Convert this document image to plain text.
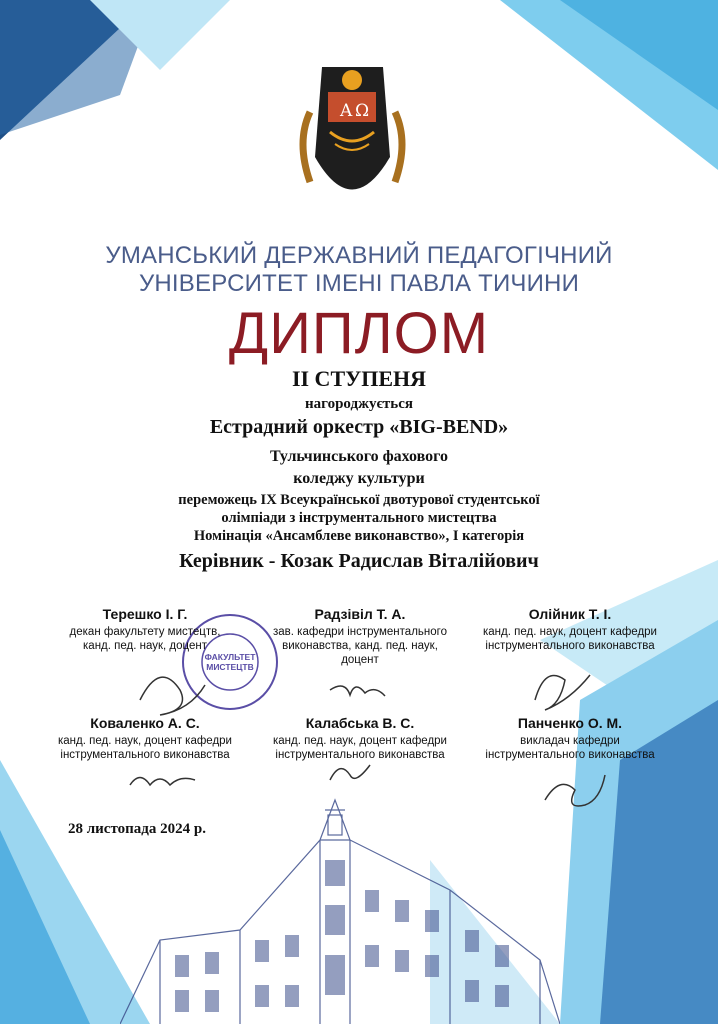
Α Ω
УМАНСЬКИЙ ДЕРЖАВНИЙ ПЕДАГОГІЧНИЙ
УНІВЕРСИТЕТ ІМЕНІ ПАВЛА ТИЧИНИ
ДИПЛОМ
ІІ СТУПЕНЯ
нагороджується
Естрадний оркестр «BIG-BEND»
Тульчинського фахового
коледжу культури
переможець ІХ Всеукраїнської двотурової студентської
олімпіади з інструментального мистецтва
Номінація «Ансамблеве виконавство», І категорія
Керівник - Козак Радислав Віталійович
ФАКУЛЬТЕТ
МИСТЕЦТВ
Терешко І. Г.
декан факультету мистецтв,
канд. пед. наук, доцент
Радзівіл Т. А.
зав. кафедри інструментального
виконавства, канд. пед. наук,
доцент
Олійник Т. І.
канд. пед. наук, доцент кафедри
інструментального виконавства
Коваленко А. С.
канд. пед. наук, доцент кафедри
інструментального виконавства
Калабська В. С.
канд. пед. наук, доцент кафедри
інструментального виконавства
Панченко О. М.
викладач кафедри
інструментального виконавства
28 листопада 2024 р.
